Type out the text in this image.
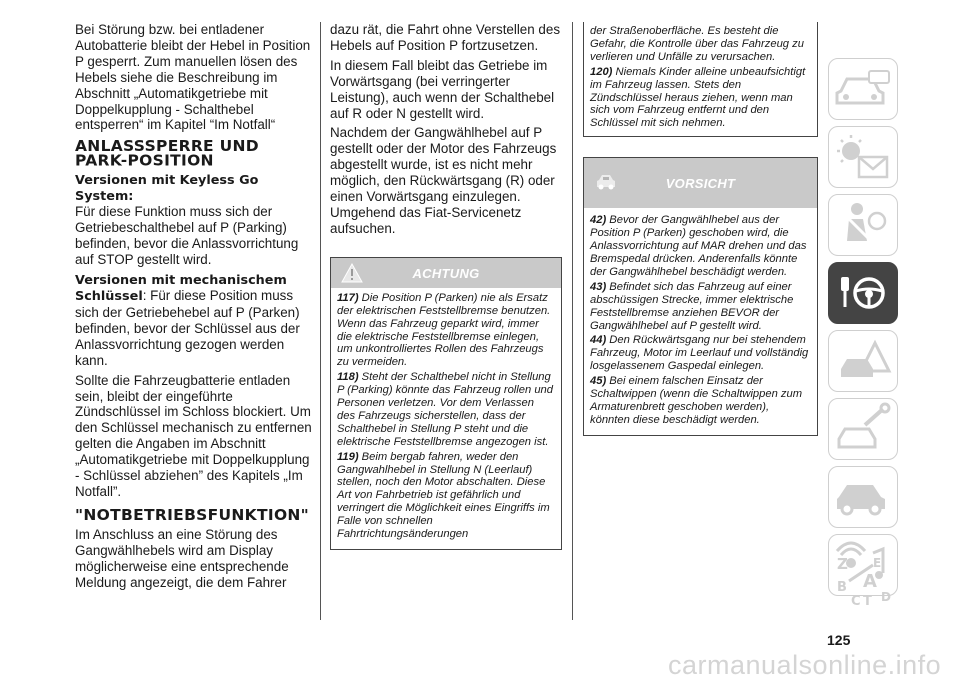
Bei Störung bzw. bei entladener Autobatterie bleibt der Hebel in Position P gesperrt. Zum manuellen lösen des Hebels siehe die Beschreibung im Abschnitt „Automatikgetriebe mit Doppelkupplung - Schalthebel entsperren“ im Kapitel “Im Notfall“

ANLASSSPERRE UND
PARK-POSITION
Versionen mit Keyless Go System:

Für diese Funktion muss sich der Getriebeschalthebel auf P (Parking) befinden, bevor die Anlassvorrichtung auf STOP gestellt wird.

Versionen mit mechanischem Schlüssel: Für diese Position muss sich der Getriebehebel auf P (Parken) befinden, bevor der Schlüssel aus der Anlassvorrichtung gezogen werden kann.

Sollte die Fahrzeugbatterie entladen sein, bleibt der eingeführte Zündschlüssel im Schloss blockiert. Um den Schlüssel mechanisch zu entfernen gelten die Angaben im Abschnitt „Automatikgetriebe mit Doppelkupplung - Schlüssel abziehen” des Kapitels „Im Notfall”.

"NOTBETRIEBSFUNKTION"

Im Anschluss an eine Störung des Gangwählhebels wird am Display möglicherweise eine entsprechende Meldung angezeigt, die dem Fahrer

dazu rät, die Fahrt ohne Verstellen des Hebels auf Position P fortzusetzen.

In diesem Fall bleibt das Getriebe im Vorwärtsgang (bei verringerter Leistung), auch wenn der Schalthebel auf R oder N gestellt wird.

Nachdem der Gangwählhebel auf P gestellt oder der Motor des Fahrzeugs abgestellt wurde, ist es nicht mehr möglich, den Rückwärtsgang (R) oder einen Vorwärtsgang einzulegen. Umgehend das Fiat-Servicenetz aufsuchen.

ACHTUNG

117) Die Position P (Parken) nie als Ersatz der elektrischen Feststellbremse benutzen. Wenn das Fahrzeug geparkt wird, immer die elektrische Feststellbremse einlegen, um unkontrolliertes Rollen des Fahrzeugs zu vermeiden.

118) Steht der Schalthebel nicht in Stellung P (Parking) könnte das Fahrzeug rollen und Personen verletzen. Vor dem Verlassen des Fahrzeugs sicherstellen, dass der Schalthebel in Stellung P steht und die elektrische Feststellbremse angezogen ist.

119) Beim bergab fahren, weder den Gangwahlhebel in Stellung N (Leerlauf) stellen, noch den Motor abschalten. Diese Art von Fahrbetrieb ist gefährlich und verringert die Möglichkeit eines Eingriffs im Falle von schnellen Fahrtrichtungsänderungen

der Straßenoberfläche. Es besteht die Gefahr, die Kontrolle über das Fahrzeug zu verlieren und Unfälle zu verursachen.

120) Niemals Kinder alleine unbeaufsichtigt im Fahrzeug lassen. Stets den Zündschlüssel heraus ziehen, wenn man sich vom Fahrzeug entfernt und den Schlüssel mit sich nehmen.

VORSICHT

42) Bevor der Gangwählhebel aus der Position P (Parken) geschoben wird, die Anlassvorrichtung auf MAR drehen und das Bremspedal drücken. Anderenfalls könnte der Gangwählhebel beschädigt werden.

43) Befindet sich das Fahrzeug auf einer abschüssigen Strecke, immer elektrische Feststellbremse anziehen BEVOR der Gangwählhebel auf P gestellt wird.

44) Den Rückwärtsgang nur bei stehendem Fahrzeug, Motor im Leerlauf und vollständig losgelassenem Gaspedal einlegen.

45) Bei einem falschen Einsatz der Schaltwippen (wenn die Schaltwippen zum Armaturenbrett geschoben werden), könnten diese beschädigt werden.

Z E
B A
C T D
125
carmanualsonline.info
